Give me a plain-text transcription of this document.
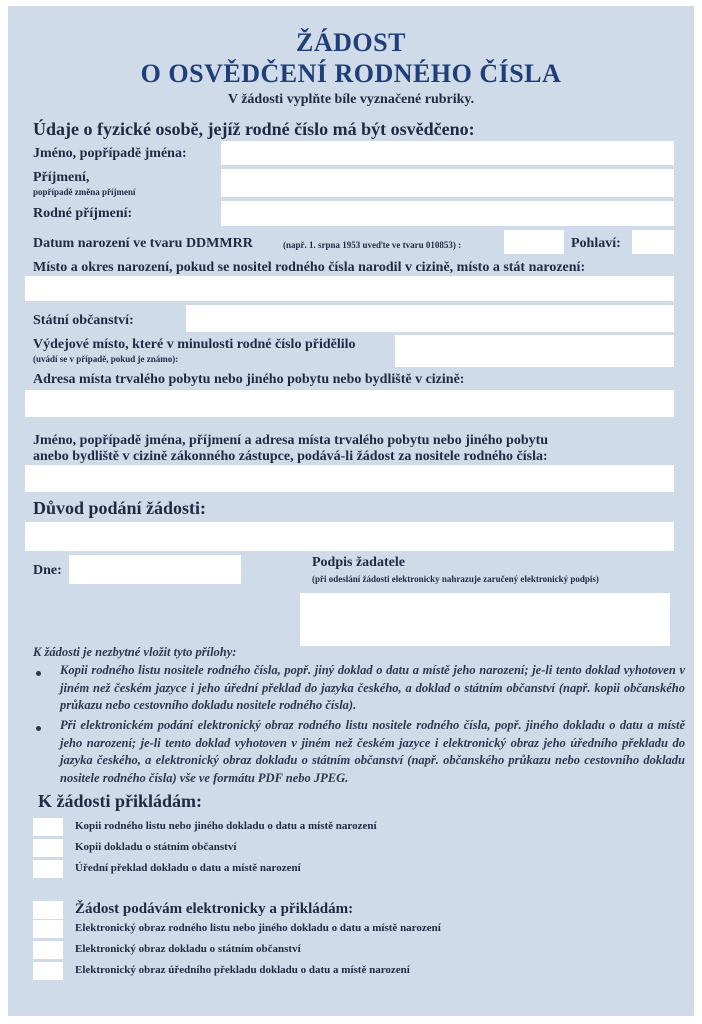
ŽÁDOST
O OSVĚDČENÍ RODNÉHO ČÍSLA
V žádosti vyplňte bíle vyznačené rubriky.
Údaje o fyzické osobě, jejíž rodné číslo má být osvědčeno:
Jméno, popřípadě jména:
Příjmení,
popřípadě změna příjmení
Rodné příjmení:
Datum narození ve tvaru DDMMRR	(např. 1. srpna 1953 uveďte ve tvaru 010853) :	Pohlaví:
Místo a okres narození, pokud se nositel rodného čísla narodil v cizině, místo a stát narození:
Státní občanství:
Výdejové místo, které v minulosti rodné číslo přidělilo
(uvádí se v případě, pokud je známo):
Adresa místa trvalého pobytu nebo jiného pobytu nebo bydliště v cizině:
Jméno, popřípadě jména, příjmení a adresa místa trvalého pobytu nebo jiného pobytu
anebo bydliště v cizině zákonného zástupce, podává-li žádost za nositele rodného čísla:
Důvod podání žádosti:
Dne:
Podpis žadatele
(při odeslání žádosti elektronicky nahrazuje zaručený elektronický podpis)
K žádosti je nezbytné vložit tyto přílohy:
Kopii rodného listu nositele rodného čísla, popř. jiný doklad o datu a místě jeho narození; je-li tento doklad vyhotoven v jiném než českém jazyce i jeho úřední překlad do jazyka českého, a doklad o státním občanství (např. kopii občanského průkazu nebo cestovního dokladu nositele rodného čísla).
Při elektronickém podání elektronický obraz rodného listu nositele rodného čísla, popř. jiného dokladu o datu a místě jeho narození; je-li tento doklad vyhotoven v jiném než českém jazyce i elektronický obraz jeho úředního překladu do jazyka českého, a elektronický obraz dokladu o státním občanství (např. občanského průkazu nebo cestovního dokladu nositele rodného čísla) vše ve formátu PDF nebo JPEG.
K žádosti přikládám:
Kopii rodného listu nebo jiného dokladu o datu a místě narození
Kopii dokladu o státním občanství
Úřední překlad dokladu o datu a místě narození
Žádost podávám elektronicky a přikládám:
Elektronický obraz rodného listu nebo jiného dokladu o datu a místě narození
Elektronický obraz dokladu o státním občanství
Elektronický obraz úředního překladu dokladu o datu a místě narození
